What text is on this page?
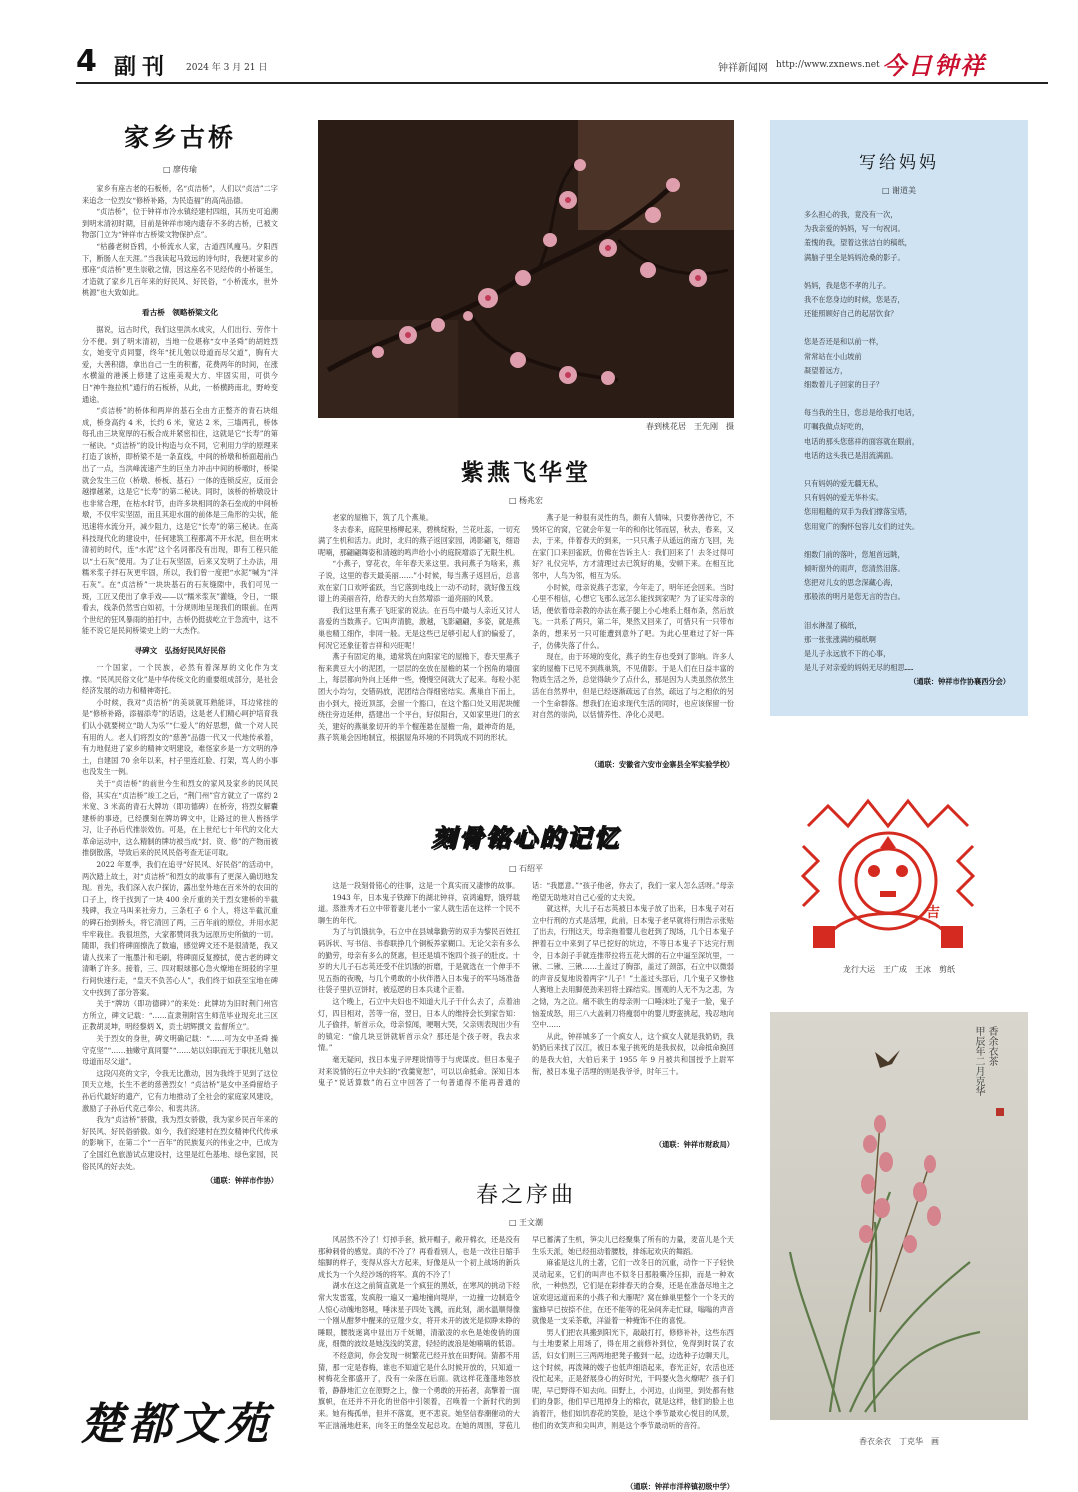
4 副刊 2024 年 3 月 21 日	钟祥新闻网 http://www.zxnews.net 今日钟祥
家乡古桥
□ 廖传瑜

家乡有座古老的石板桥，名“贞洁桥”，人们以“贞洁”二字来追念一位烈女“修桥补路，为民造福”的高尚品德。

“贞洁桥”，位于钟祥市冷水镇经建村四组，其历史可追溯到明末清初时期，目前是钟祥市境内遗存不多的古桥，已被文物部门立为“钟祥市古桥梁文物保护点”。

“枯藤老树昏鸦，小桥流水人家，古道西风瘦马。夕阳西下，断肠人在天涯。”当我读起马致远的诗句时，我便对家乡的那座“贞洁桥”更生崇敬之情，因这座名不见经传的小桥诞生，才造就了家乡几百年来的好民风、好民俗，“小桥流水，世外桃源”也大致如此。

看古桥　领略桥梁文化

据说，远古时代，我们这里洪水成灾，人们出行、劳作十分不便。到了明末清初，当地一位堪称“女中圣舜”的胡姓烈女，她变守贞同婴，终年“抚儿勉以母道而尽父道”，胸有大爱，大善积德，拿出自己一生的积蓄，花费两年的时间，在涨水横溢的港溪上修建了这座美观大方、牢固实用，可供今日“神牛拖拉机”通行的石板桥，从此，一桥横跨南北，野岭变通途。

“贞洁桥”的桥体和两岸的基石全由方正整齐的青石块组成，桥身高约 4 米，长约 6 米，宽达 2 米，三墙两孔，桥体每孔由三块宽厚的石板合成并紧密扣住，这就是它“长寿”的第一秘诀。“贞洁桥”的设计构造与众不同，它利用力学的原理来打造了该桥，即桥梁不是一条直线，中间的桥墩和桥面超前凸出了一点，当洪峰流速产生的巨坐力冲击中间的桥墩时，桥梁就会发生三位（桥墩、桥板、基石）一体的连锁反应，反而会越撑越紧，这是它“长寿”的第二秘诀。同时，该桥的桥墩设计也非常合理，在枯水时节，由许多块相同的条石垒成的中间桥墩，不仅牢实坚固，而且其迎水面的前体是三角形的尖状，能迅速将水流分开，减少阻力，这是它“长寿”的第三秘诀。在高科技现代化的建设中，任何建筑工程都离不开水泥，但在明末清初的时代，连“水泥”这个名词都没有出现，即有工程只能以“土石灰”使用。为了让石灰坚固，后来又发明了土办法，用糯米浆子拌石灰更牢固，所以，我们曾一度把“水泥”喊为“洋石灰”。在“贞洁桥”一块块基石的石灰缝隙中，我们可见一斑，工匠又使出了拿手戏——以“糯米浆灰”灌缝，令日，一眼看去，线条仍然雪白如初，十分规则地呈现我们的眼前。在两个世纪的狂风暴雨的拍打中，古桥仍挺拔屹立于急流中，这不能不说它是民间桥梁史上的一大杰作。

寻碑文　弘扬好民风好民俗

一个国家，一个民族，必然有着深厚的文化作为支撑。“民风民俗文化”是中华传统文化的重要组成部分，是社会经济发展的动力和精神寄托。

小时候，我对“贞洁桥”的美谈就耳熟能详，耳边常挂的是“修桥补路，添福添寿”的话语，这是老人们精心呵护培育我们认小就要树立“助人为乐”“仁爱人”的好思想，做一个对人民有用的人。老人们将烈女的“慈善”品德一代又一代地传承着，有力地促进了家乡的精神文明建设，难怪家乡是一方文明的净土，自建国 70 余年以来，村子里连红脸、打架，骂人的小事也没发生一例。

关于“贞洁桥”的前世今生和烈女的家风及家乡的民风民俗，其实在“贞洁桥”竣工之后，“荆门州”官方就立了一席约 2 米宽、3 米高的青石大牌坊（即功德碑）在桥旁，将烈女解囊建桥的事迹，已经撰刻在牌坊碑文中，让路过的世人皆扬学习，让子孙后代推崇效仿。可是，在上世纪七十年代的文化大革命运动中，这么精制的牌坊被当成“封、资、修”的产物而被推倒散落，导致后来的民风民俗考查无证可取。

2022 年夏季，我们在追寻“好民风、好民俗”的活动中，两次踏上故土，对“贞洁桥”和烈女的故事有了更深入确切地发现。首先，我们深入农户探访，露出堂外地在百米外的农田的口子上，终于找到了一块 400 余斤重的关于烈女建桥的半截残碑，我立马叫来社旁力，三条杠子 6 个人，将这半截沉重的碑石抬到桥头，将它清回了两，三百年前的原位，并用水泥牢牢栽住。我很坦然，大家都赞同我为远原历史所做的一切。随即，我们将碑面擦洗了数遍，感觉碑文还不是很清楚，我又请人找来了一瓶墨汁和毛刷，将碑面反复擦拭，使古老的碑文清晰了许多。接着，三、四对眼球都心急火燎地在斑驳的字里行间快速行走，“皇天不负苦心人”，我们终于如获至宝地在碑文中找到了部分答案。

关于“牌坊（即功德碑）”的来处：此牌坊为旧时荆门州官方所立，碑文记载：“……直隶荆附宫生师范毕业现充北三区正教胡灵坤，明经黎炳 X，贡士胡辉撰文 监督所立”。

关于烈女的身世，碑文明确记载：“……可为女中圣舜 操守克坚”“……抽嫩守真同婴”“……姑以妇职而无于职抚儿勉以母道而尽父道”。

这段闪亮的文字，令我无比激动，因为我终于见到了这位顶天立地，长生不老的慈善烈女！“贞洁桥”是女中圣舜留给子孙后代最好的遗产，它有力地推动了全社会的家庭家风建设，激励了子孙后代克己奉公、和衷共济。

我为“贞洁桥”骄傲，我为烈女骄傲，我为家乡民百年来的好民风、好民俗骄傲。如今，我们经建村在烈女精神代代传承的影响下，在第二个“一百年”的民族复兴的伟业之中，已成为了全国红色旅游试点建设村，这里是红色基地、绿色家园，民俗民风的好去处。

（通联：钟祥市作协）
楚都文苑
春到桃花居　王先刚　摄
紫燕飞华堂
□ 杨兆宏

老家的屋檐下，筑了几个燕巢。

冬去春来，庭院里杨柳起来，碧桃绽粉，兰花吐蕊，一切充满了生机和活力。此时，北归的燕子返回家园，鸿影翩飞，细语呢喃，那翩翩舞姿和清越的鸣声给小小的庭院增添了无限生机。

“小燕子，穿花衣，年年春天来这里。我问燕子为啥来，燕子说，这里的春天最美丽……”小时候，每当燕子返回后，总喜欢在家门口欢呼雀跃，当它落到电线上一动不动时，就好像五线谱上的美丽音符，给春天的大自然增添一道亮丽的风景。

我们这里有燕子飞旺家的说法。在百鸟中最与人亲近又讨人喜爱的当数燕子。它叫声清脆，激越，飞影翩翩，多姿，就是燕巢也精工细作，非同一般。无是这些已足够引起人们的偏爱了，何况它还象征着吉祥和兴旺呢！

燕子有固定的巢，通常筑在向阳家宅的屋檐下，春天里燕子衔来黄豆大小的泥团，一层层的垒放在屋檐的某一个拐角的墙面上，每层都向外向上延伸一些，慢慢空间就大了起来。每粒小泥团大小均匀，交错码放，泥团结合得细密结实。燕巢自下而上，由小到大，接近顶部，会留一个豁口，在这个豁口处又用泥块缠绕往旁边延伸，搭建出一个平台，好似阳台，又如家里进门的玄关，建好的燕巢象切开的半个榴莲悬在屋檐一角，最神奇的是，燕子筑巢会因地制宜，根据屋角环境的不同筑成不同的形状。

燕子是一种很有灵性的鸟，颇有人情味，只要你善待它，不毁坏它的窝，它就会年复一年的和你比邻而居，秋去，春来，又去，于来，伴着春天的到来，一只只燕子从遥远的南方飞回，先在家门口来回雀跃，仿佛在告诉主人：我们回来了！去冬过得可好？礼仪完毕，方才清理过去已筑好的巢，安顿下来。在相互比邻中，人鸟为邻，相互为乐。

小时候，母亲说燕子恋家，今年走了，明年还会回来。当时心里不相信，心想它飞那么远怎么能找到家呢？为了证实母亲的话，便依着母亲教的办法在燕子腿上小心地系上细布条，然后放飞。一共系了两只，第二年，果然又回来了，可惜只有一只带布条的，想来另一只可能遭到意外了吧。为此心里难过了好一阵子，仿佛失落了什么。

现在，由于环境的变化，燕子的生存也受到了影响。许多人家的屋檐下已见不到燕巢筑，不见倩影。于是人们在日益丰富的物质生活之外，总觉得缺少了点什么，那是因为人类虽然依然生活在自然界中，但是已经逐渐疏远了自然，疏远了与之相依的另一个生命群落。想我们在追求现代生活的同时，也应该保留一份对自然的崇尚，以恬情养性、净化心灵吧。

（通联：安徽省六安市金寨县全军实验学校）
刻骨铭心的记忆
□ 石绍平

这是一段刻骨铭心的往事，这是一个真实而又凄惨的故事。

1943 年，日本鬼子铁蹄下的湖北钟祥，哀鸿遍野，饿殍载道。蒸淮秀才石立中带着妻儿老小一家人就生活在这样一个民不聊生的年代。

为了与饥饿抗争，石立中在县城靠勤劳的双手为黎民百姓扛码诉状、写书信、书春联挣几个铜板养家糊口。无论父亲有多么的勤劳，母亲有多么的贤惠，但还是填不饱四个孩子的肚皮。十岁的大儿子石志英还受不住饥饿的折磨，于是就选在一个伸手不见五指的夜晚，与几个勇敢的小伙伴潜入日本鬼子的军马场准备往袋子里扒豆饼时，被巡逻的日本兵逮个正着。

这个晚上，石立中夫妇也不知道大儿子干什么去了，点着油灯，四目相对，苦等一宿，翌日，日本人的维持会长到家告知：儿子偷拌，斩首示众，母亲惊闻，哽咽大哭，父亲则表现出少有的镇定：“偷几块豆饼就斩首示众？那还是个孩子呀，我去求情。”

毫无疑问，找日本鬼子评理说情等于与虎谋皮。但日本鬼子对来说情的石立中夫妇的“孜羹宽恕”，可以以命抵命。深知日本鬼子“说话算数”的石立中回答了一句普通得不能再普通的话：“我愿意。”“孩子他爸，你去了，我们一家人怎么活呀。”母亲绝望无助地对自己心爱的丈夫说。

就这样，大儿子石志英被日本鬼子放了出来，日本鬼子对石立中行刑的方式是活埋，此前，日本鬼子老早就将行刑告示张贴了出去，行刑这天，母亲拖着婴儿也赶到了现场，几个日本鬼子押着石立中来到了早已挖好的坑边，不等日本鬼子下达完行刑令，日本刽子手就连推带拉将五花大绑的石立中逼至深坑里，一锹、二锹、三锹……土盖过了胸部，盖过了颈部，石立中以微弱的声音反复地说着两字“儿子！”土盖过头部后，几个鬼子又惨他人赛地上去用脚使劲来回将土踩结实。围观的人无不为之悲，为之恸，为之泣。痛不欲生的母亲则一口唾沫吐了鬼子一脸，鬼子恼羞成怒，用三八大盖刺刀将瘦弱中的婴儿野蛮挑起，残忍地向空中……

从此，钟祥城多了一个疯女人，这个疯女人就是我奶奶，我奶奶后来找了汉江，被日本鬼子挑死的是我叔叔，以命抵命换回的是我大伯，大伯后来于 1955 年 9 月被共和国授予上尉军衔，被日本鬼子活埋的则是我爷爷，时年三十。

（通联：钟祥市财政局）
春之序曲
□ 王文潮

风居然不冷了！灯掉手套，掀开帽子，敞开棉衣，还是没有那种刺骨的感觉。真的不冷了？再看看别人，也是一改往日缩手缩脚的样子，变得从容大方起来，好像是从一个初上战场的新兵成长为一个久经沙场的将军。真的不冷了！

湖水在这之前简直就是一个疯狂的黑妖，在寒风的挑动下经常大发雷霆，发疯般一遍又一遍地撞向堤岸，一边撞一边制造令人惊心动魄地怒吼，唾沫星子四处飞溅，而此刻，湖水温顺得像一个刚从酣梦中醒来的豆蔻少女，将开未开的波光是似睁未睁的睡眼，腰肢迷离中显出万千妩媚，清澈凌的水色是她俊俏的面庞，细微的波纹是她浅浅的笑意，轻轻的波浪是她喃喃的低语。

不经意间，你会发现一树繁花已经开放在田野间。猜都不用猜，那一定是春梅，谁也不知道它是什么时候开放的，只知道一树梅花全都盛开了，没有一朵落在后面。就这样花蓬蓬地怒放着，静静地汇立在原野之上，像一个勇敢的开拓者，高擎着一面旗帜，在还并不开化的世俗中引领着，召唤着一个新时代的到来。她有梅孤单，但并不落寞，更不悲哀。她坚信春潮催动的大军正汹涌地赶来，向冬王的堡垒发起总攻。在她的周围，芽苞儿早已蓄满了生机，笋尖儿已经聚集了所有的力量，麦苗儿是个天生乐天派，她已经扭动着腰肢，排练起欢庆的舞蹈。

麻雀是这儿的土著，它们一改冬日的沉重，动作一下子轻快灵动起来，它们的叫声也不似冬日那般嘶冷压抑，而是一种欢欣，一种热烈，它们是在彩排春天的合奏，还是在准备尽地主之谊欢迎远道而来的小燕子和大雁呢？窝在蜂巢里整个一个冬天的蜜蜂早已按捺不住，在还不能等的花朵间奔走忙碌，嗡嗡的声音就像是一支采茶歌，洋溢着一种掩饰不住的喜悦。

男人们把农具搬到阳光下，敲敲打打，修修补补，这些东西与土地要紧上用场了，得在用之前修补到位，免得到时误了农活，妇女们则三三两两地把凳子搬到一起，边选种子边聊天儿，这个时候，再泼辣的嫂子也低声细语起来，春光正好，农活也还没忙起来，正是舒展身心的好时光，干吗要火急火燎呢？孩子们呢，早已野得不知去向。田野上，小河边，山岗里，到处都有他们的身影，他们早已甩掉身上的棉衣，就是这样，他们的脸上也淌着汗，他们如饥春花的笑脸，是这个季节最欢心悦目的风景，他们的欢笑声和尖叫声，则是这个季节最动听的音符。

（通联：钟祥市洋梓镇初级中学）
写给妈妈
□ 谢道美
多么担心的我，竟没有一次，
为我亲爱的妈妈，写一句祝词。
羞愧的我，望着这张洁白的稿纸，
满脑子里全是妈妈沧桑的影子。
妈妈，我是您不孝的儿子。
我不在您身边的时候，您是否，
还能照顾好自己的起居饮食？
您是否还是和以前一样，
常常站在小山坡前
凝望着远方，
细数着儿子回家的日子？
每当我的生日，您总是给我打电话，
叮嘱我做点好吃的，
电话的那头您慈祥的面容就在眼前，
电话的这头我已是泪流满面。
只有妈妈的爱无疆无私，
只有妈妈的爱无华朴实。
您用粗糙的双手为我们撑落宝塔，
您用宽广的胸怀包容儿女们的过失。
细数门前的落叶，您旭首远眺，
倾听窗外的雨声，您清然泪落。
您把对儿女的思念深藏心海，
那般浓的明月是您无言的告白。
泪水淋湿了稿纸，
那一张张涨满的稿纸啊
是儿子永远放不下的心事，
是儿子对亲爱的妈妈无尽的相思……
（通联：钟祥市作协襄西分会）
吉
龙行大运　王广成　王冰　剪纸
香余衣茶
甲辰年二月克华
香衣余衣　丁克华　画
